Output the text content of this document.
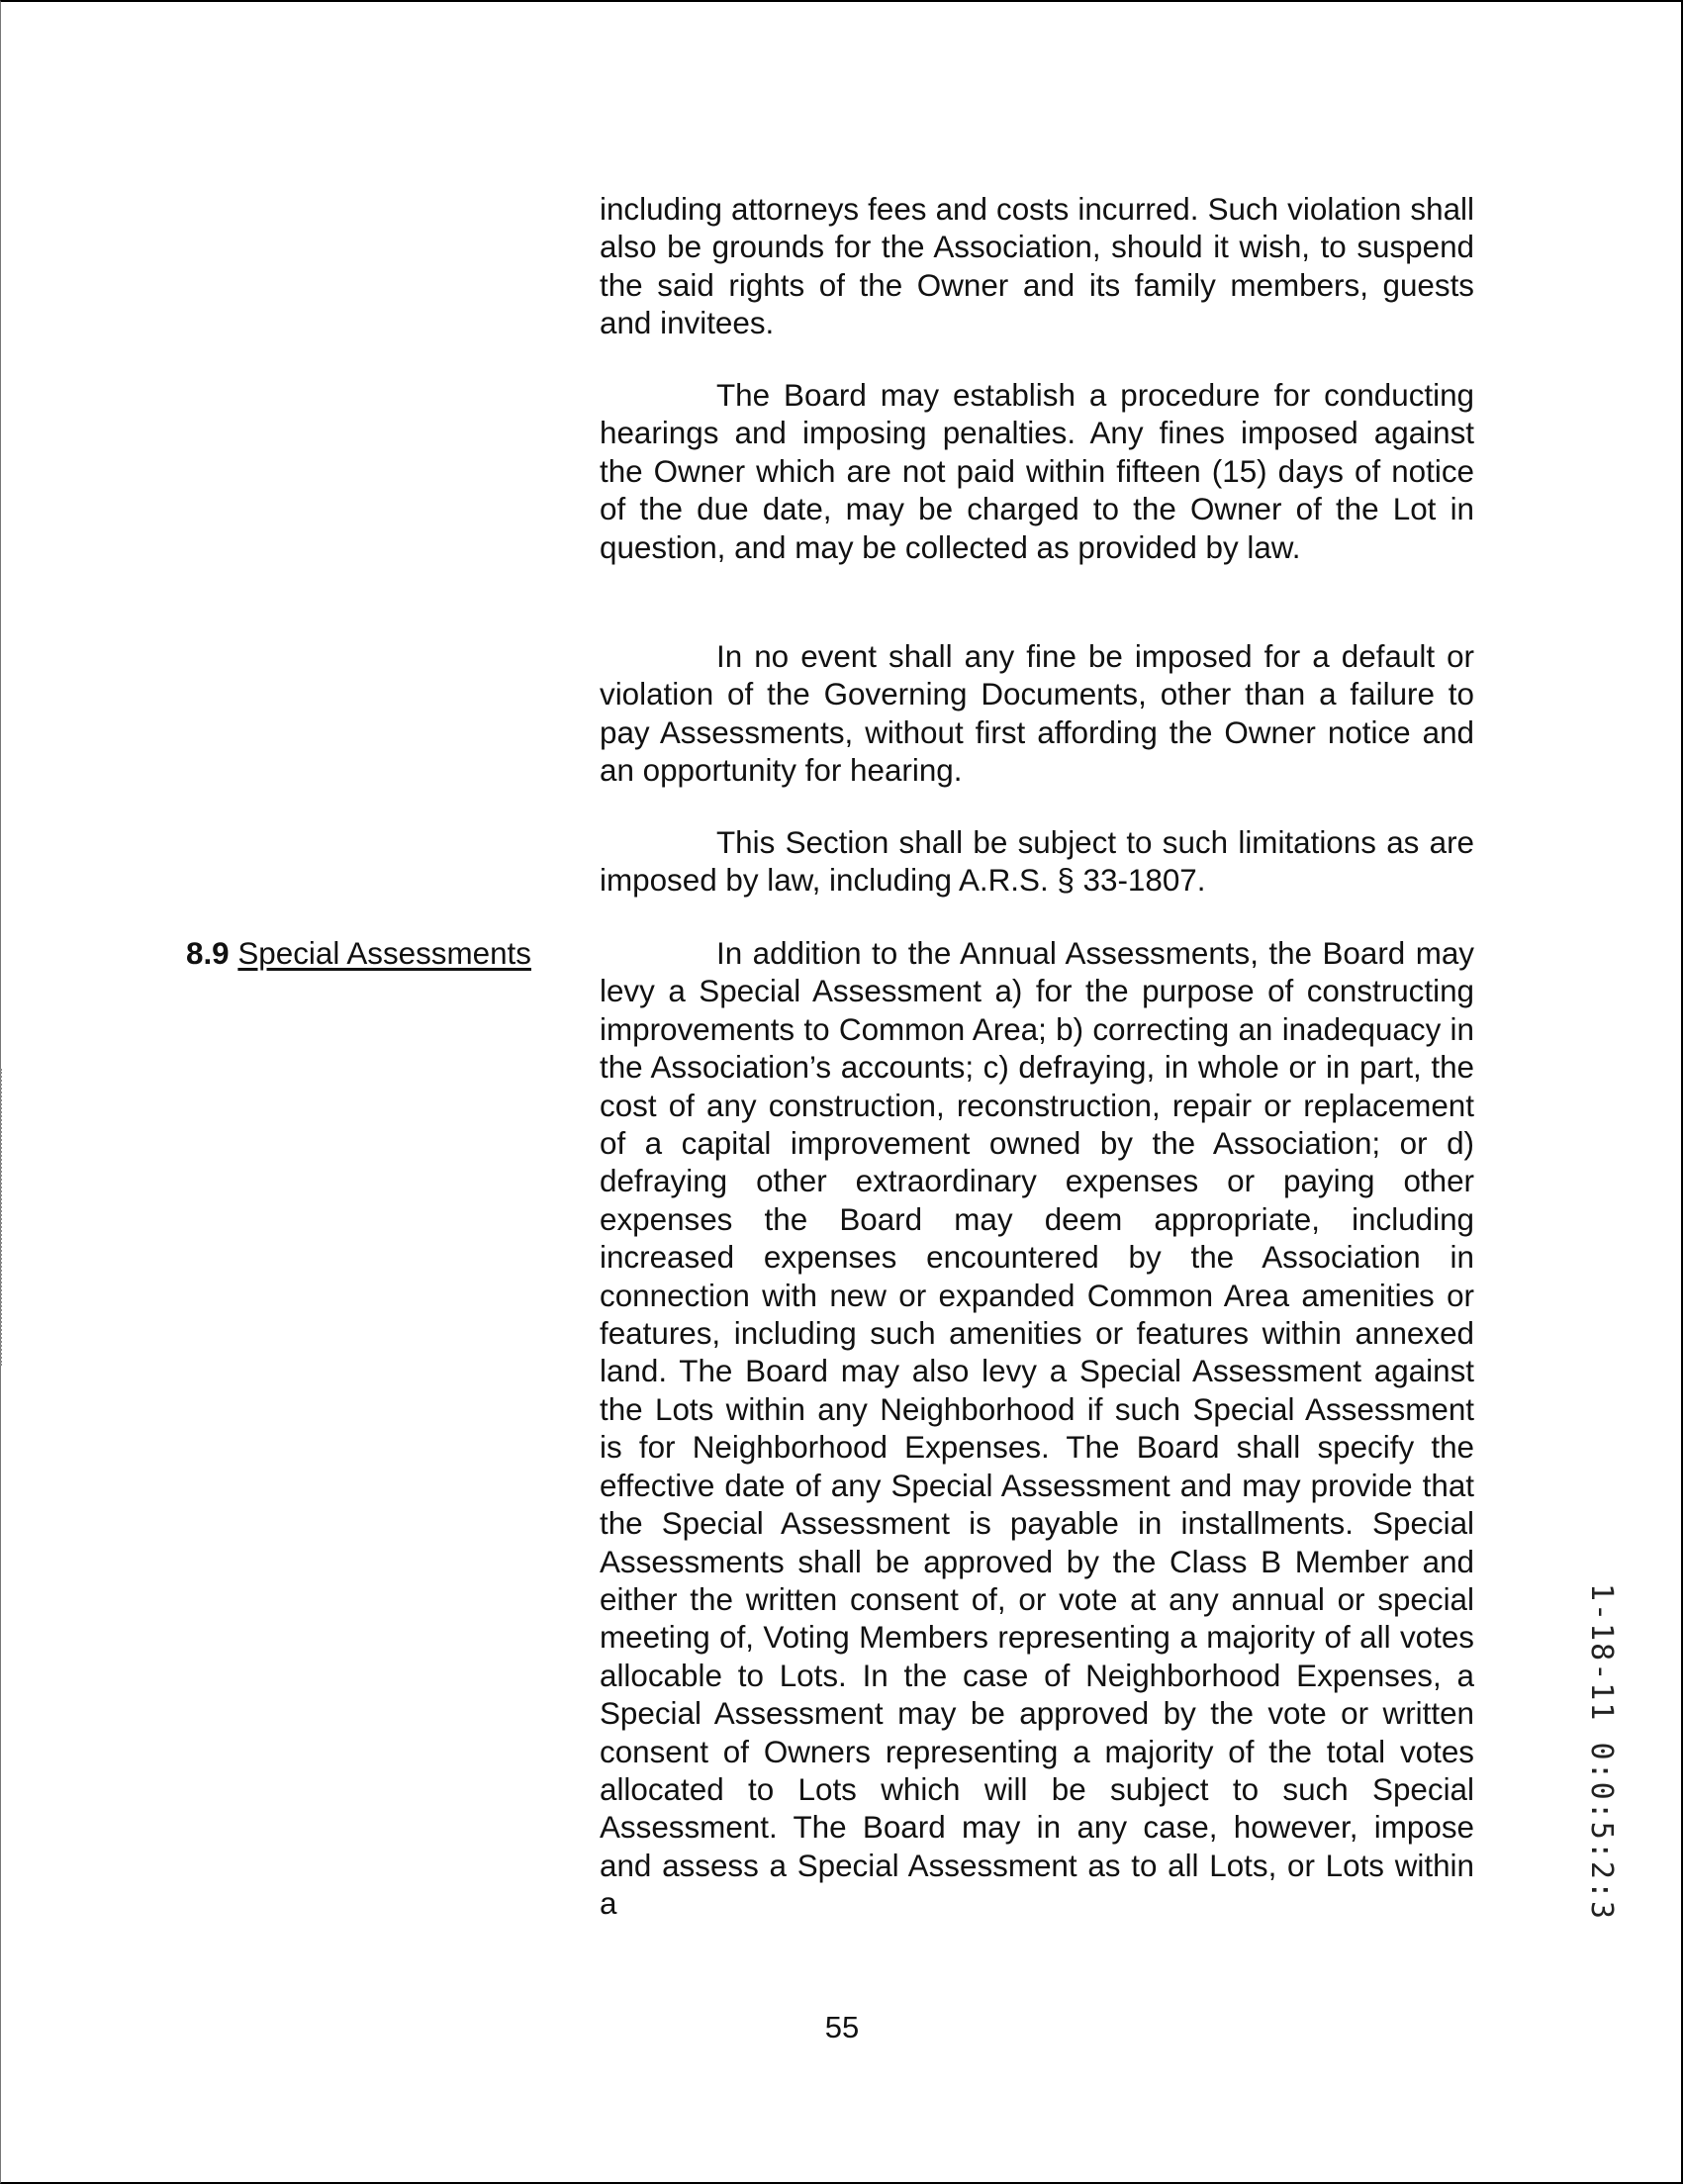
including attorneys fees and costs incurred. Such violation shall also be grounds for the Association, should it wish, to suspend the said rights of the Owner and its family members, guests and invitees.

The Board may establish a procedure for conducting hearings and imposing penalties. Any fines imposed against the Owner which are not paid within fifteen (15) days of notice of the due date, may be charged to the Owner of the Lot in question, and may be collected as provided by law.

In no event shall any fine be imposed for a default or violation of the Governing Documents, other than a failure to pay Assessments, without first affording the Owner notice and an opportunity for hearing.

This Section shall be subject to such limitations as are imposed by law, including A.R.S. § 33-1807.

8.9 Special Assessments	In addition to the Annual Assessments, the Board may levy a Special Assessment a) for the purpose of constructing improvements to Common Area; b) correcting an inadequacy in the Association’s accounts; c) defraying, in whole or in part, the cost of any construction, reconstruction, repair or replacement of a capital improvement owned by the Association; or d) defraying other extraordinary expenses or paying other expenses the Board may deem appropriate, including increased expenses encountered by the Association in connection with new or expanded Common Area amenities or features, including such amenities or features within annexed land. The Board may also levy a Special Assessment against the Lots within any Neighborhood if such Special Assessment is for Neighborhood Expenses. The Board shall specify the effective date of any Special Assessment and may provide that the Special Assessment is payable in installments. Special Assessments shall be approved by the Class B Member and either the written consent of, or vote at any annual or special meeting of, Voting Members representing a majority of all votes allocable to Lots. In the case of Neighborhood Expenses, a Special Assessment may be approved by the vote or written consent of Owners representing a majority of the total votes allocated to Lots which will be subject to such Special Assessment. The Board may in any case, however, impose and assess a Special Assessment as to all Lots, or Lots within a

55
1-18-11 0:0:5:2:3
